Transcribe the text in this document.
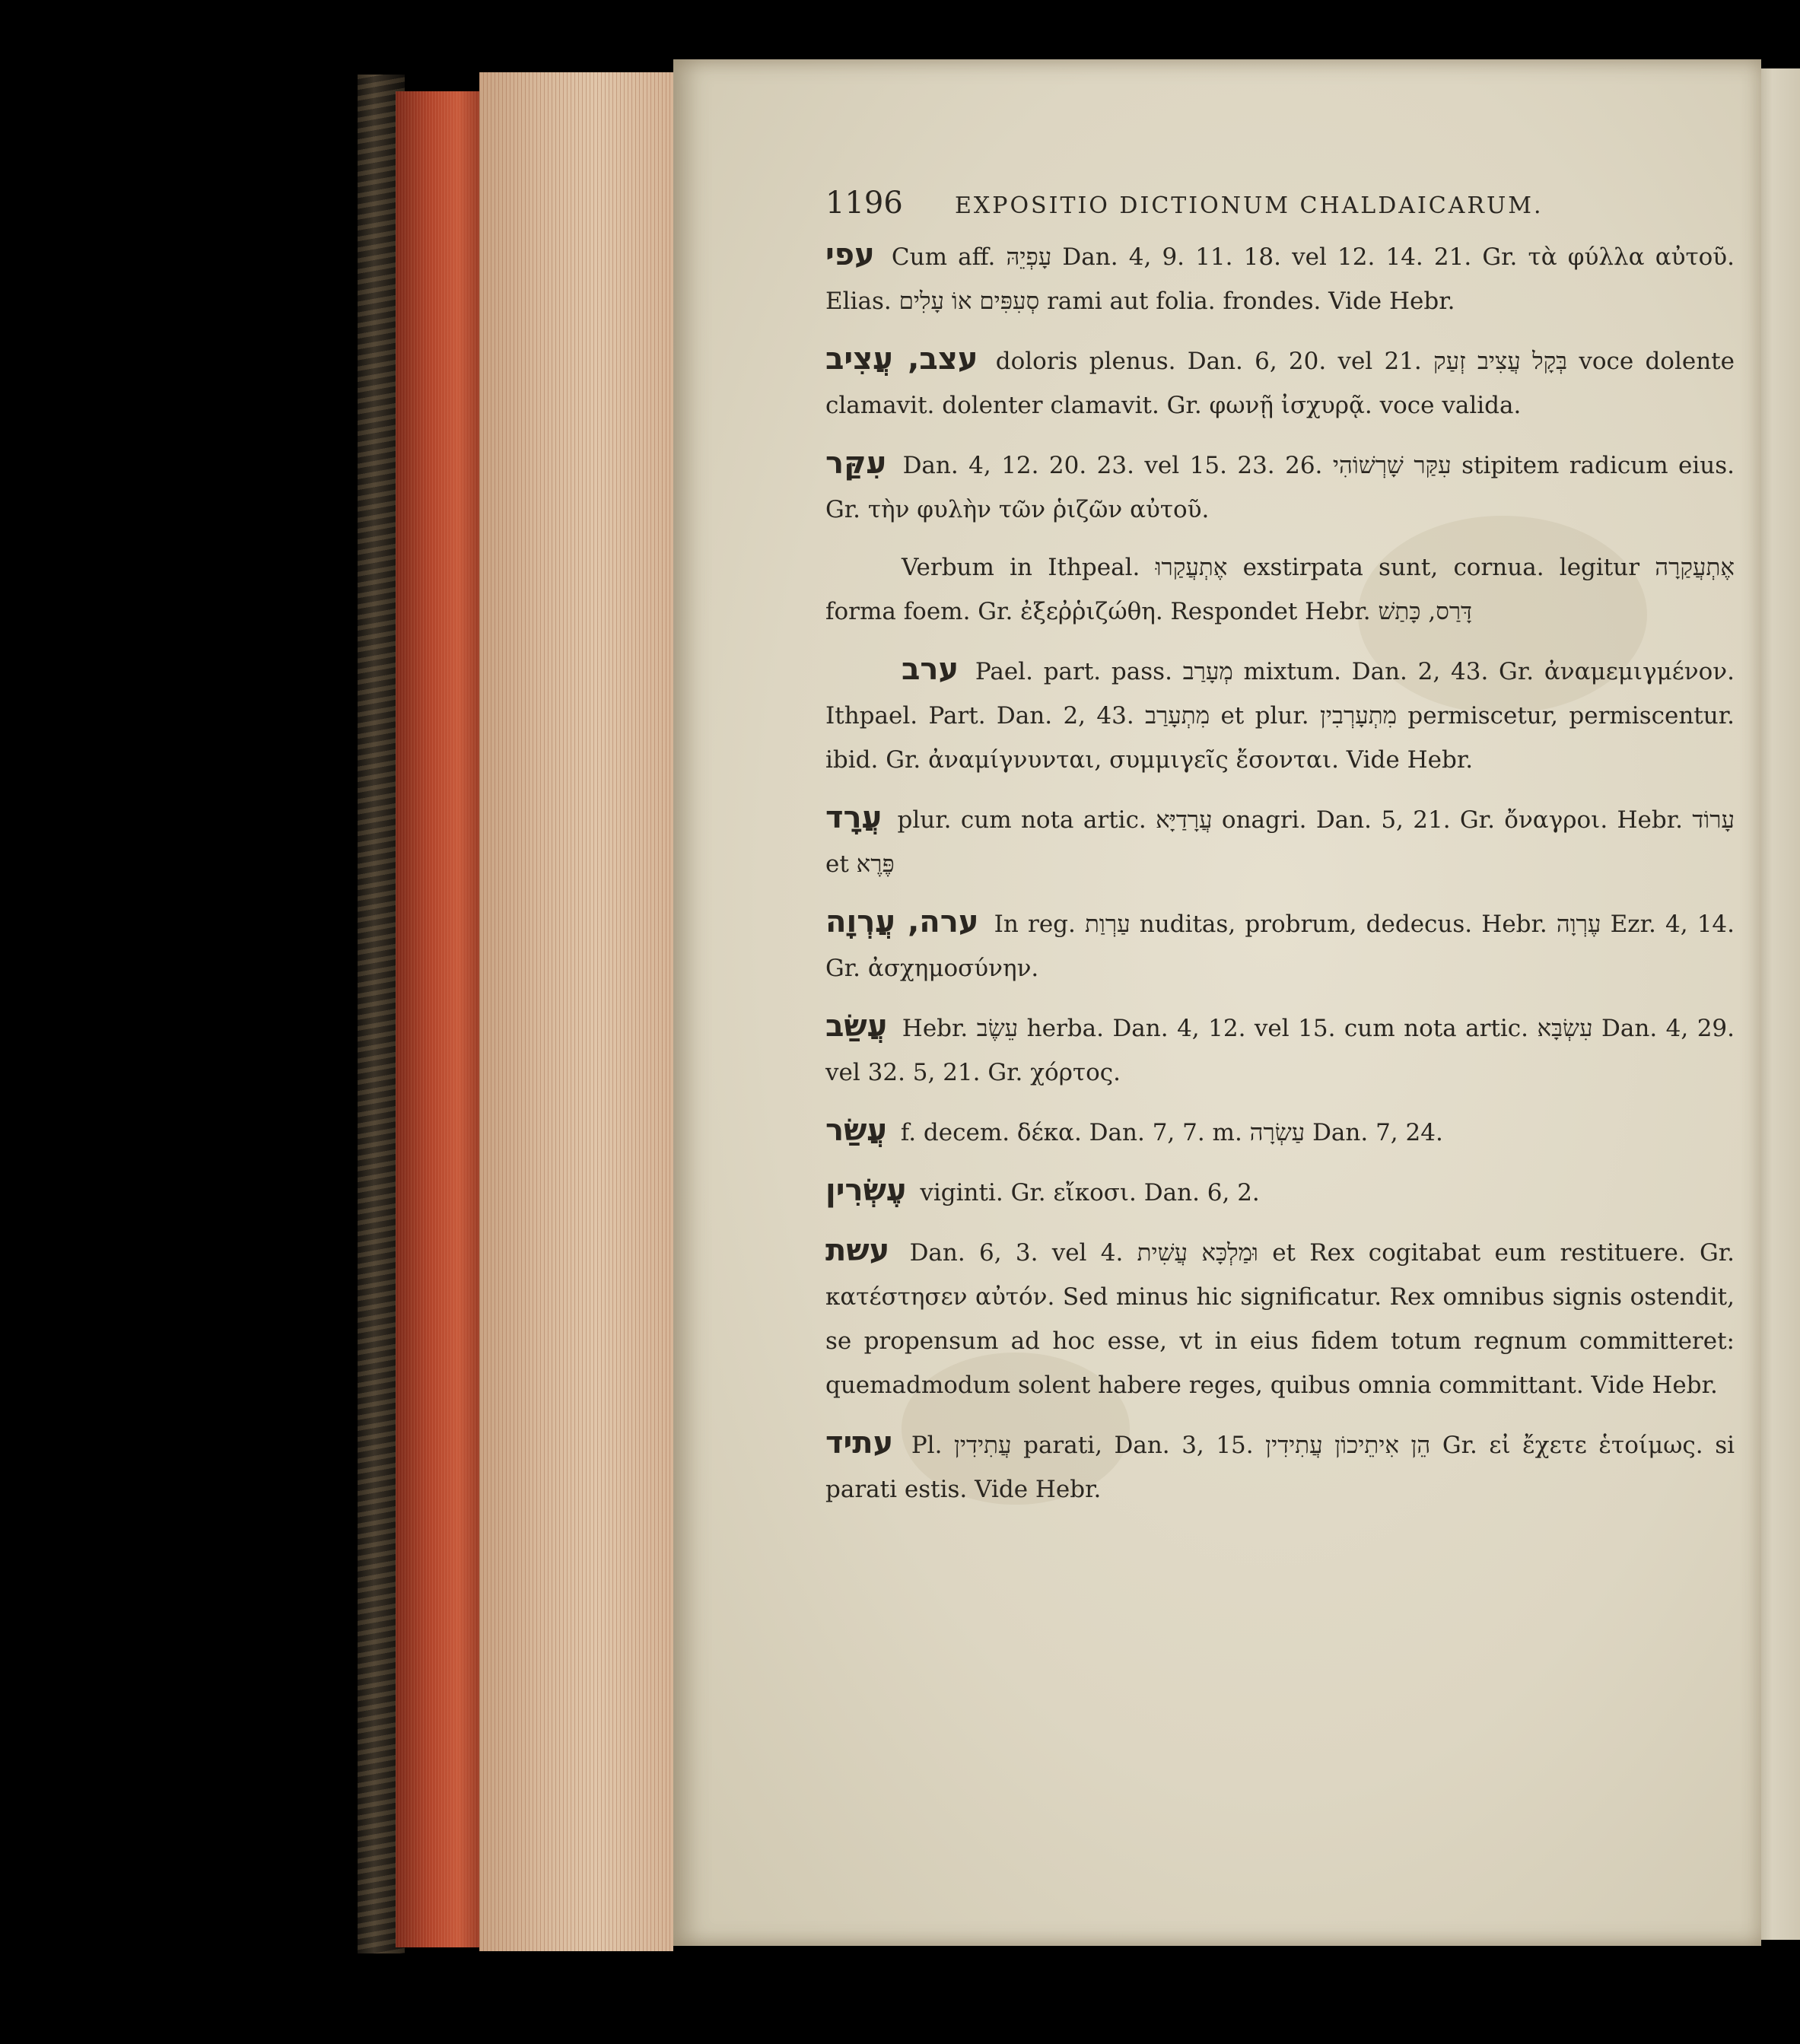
1196	EXPOSITIO DICTIONUM CHALDAICARUM.

עפי Cum aff. עָפְיֵהּ Dan. 4, 9. 11. 18. vel 12. 14. 21. Gr. τὰ φύλλα αὐτοῦ. Elias. סְעִפִּים אוֹ עָלִים rami aut folia. frondes. Vide Hebr.

עצב, עֲצִיב doloris plenus. Dan. 6, 20. vel 21. בְּקָל עֲצִיב זְעַק voce dolente clamavit. dolenter clamavit. Gr. φωνῇ ἰσχυρᾷ. voce valida.

עִקַּר Dan. 4, 12. 20. 23. vel 15. 23. 26. עִקַּר שָׁרְשׁוֹהִי stipitem radicum eius. Gr. τὴν φυλὴν τῶν ῥιζῶν αὐτοῦ.

Verbum in Ithpeal. אֶתְעֲקַרוּ exstirpata sunt, cornua. legitur אֶתְעֲקַרָה forma foem. Gr. ἐξεῤῥιζώθη. Respondet Hebr. דָּרַס, כָּתַשׁ

ערב Pael. part. pass. מְעָרַב mixtum. Dan. 2, 43. Gr. ἀναμεμιγμένον. Ithpael. Part. Dan. 2, 43. מִתְעָרַב et plur. מִתְעָרְבִין permiscetur, permiscentur. ibid. Gr. ἀναμίγνυνται, συμμιγεῖς ἔσονται. Vide Hebr.

עֲרָד plur. cum nota artic. עֲרָדַיָּא onagri. Dan. 5, 21. Gr. ὄναγροι. Hebr. עָרוֹד et פֶּרֶא

ערה, עֲרְוָה In reg. עַרְוַת nuditas, probrum, dedecus. Hebr. עֶרְוָה Ezr. 4, 14. Gr. ἀσχημοσύνην.

עֲשַׂב Hebr. עֵשֶׂב herba. Dan. 4, 12. vel 15. cum nota artic. עִשְׂבָּא Dan. 4, 29. vel 32. 5, 21. Gr. χόρτος.

עֲשַׂר f. decem. δέκα. Dan. 7, 7. m. עַשְׂרָה Dan. 7, 24.

עֶשְׂרִין viginti. Gr. εἴκοσι. Dan. 6, 2.

עשת Dan. 6, 3. vel 4. וּמַלְכָּא עֲשִׁית et Rex cogitabat eum restituere. Gr. κατέστησεν αὐτόν. Sed minus hic significatur. Rex omnibus signis ostendit, se propensum ad hoc esse, vt in eius fidem totum regnum committeret: quemadmodum solent habere reges, quibus omnia committant. Vide Hebr.

עתיד Pl. עֲתִידִין parati, Dan. 3, 15. הֵן אִיתֵיכוֹן עֲתִידִין Gr. εἰ ἔχετε ἑτοίμως. si parati estis. Vide Hebr.
